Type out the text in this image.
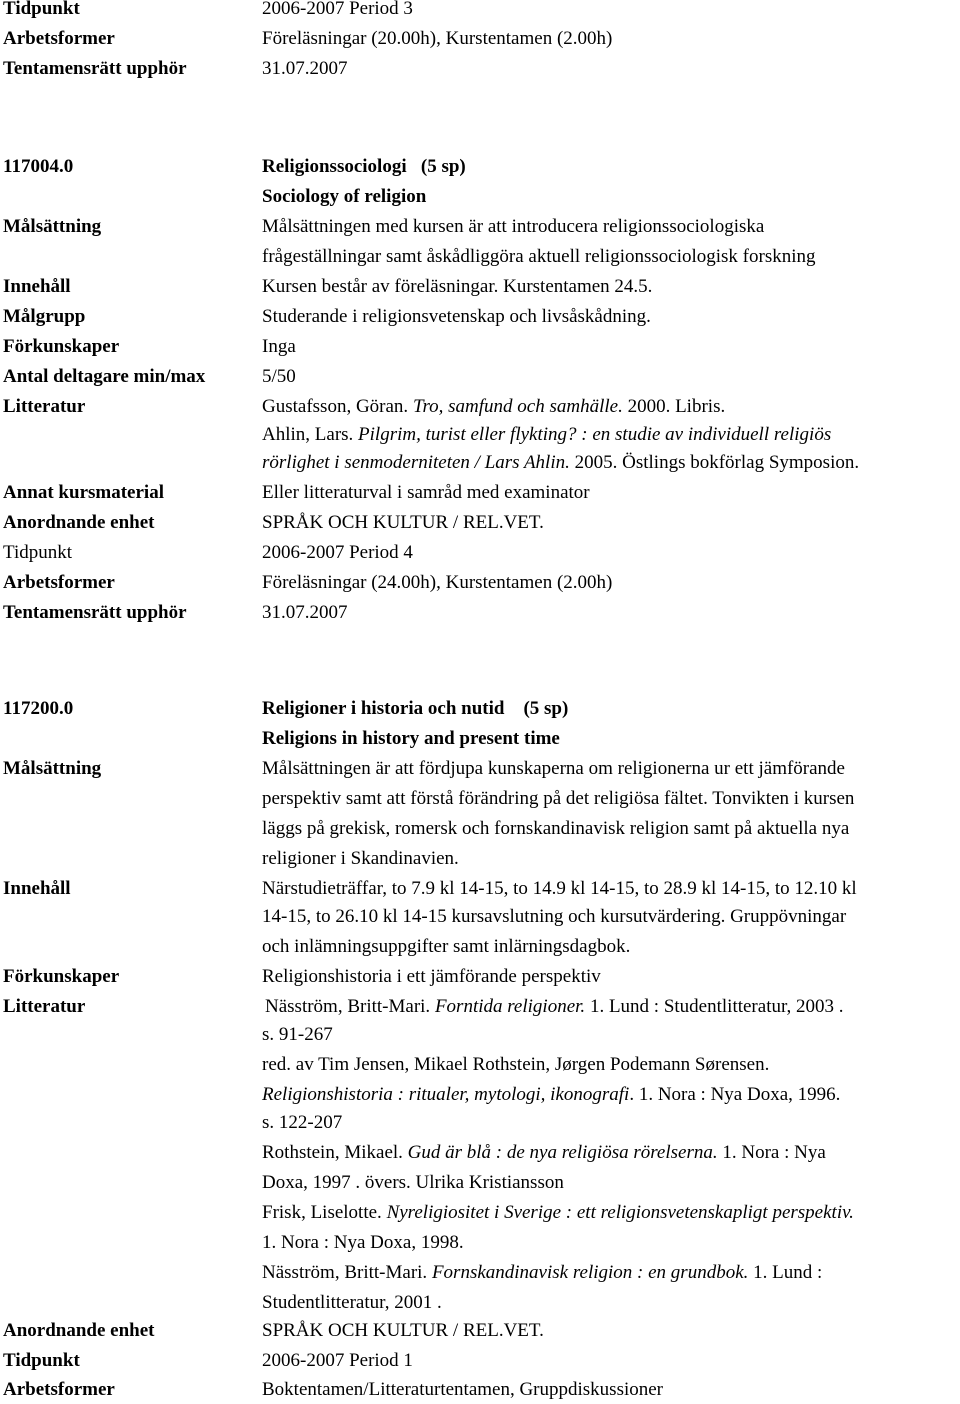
Tidpunkt	2006-2007 Period 3
Arbetsformer	Föreläsningar (20.00h), Kurstentamen (2.00h)
Tentamensrätt upphör	31.07.2007
117004.0	Religionssociologi (5 sp)
Sociology of religion
Målsättning	Målsättningen med kursen är att introducera religionssociologiska
frågeställningar samt åskådliggöra aktuell religionssociologisk forskning
Innehåll	Kursen består av föreläsningar. Kurstentamen 24.5.
Målgrupp	Studerande i religionsvetenskap och livsåskådning.
Förkunskaper	Inga
Antal deltagare min/max	5/50
Litteratur	Gustafsson, Göran. Tro, samfund och samhälle. 2000. Libris.
Ahlin, Lars. Pilgrim, turist eller flykting? : en studie av individuell religiös
rörlighet i senmoderniteten / Lars Ahlin. 2005. Östlings bokförlag Symposion.
Annat kursmaterial	Eller litteraturval i samråd med examinator
Anordnande enhet	SPRÅK OCH KULTUR / REL.VET.
Tidpunkt	2006-2007 Period 4
Arbetsformer	Föreläsningar (24.00h), Kurstentamen (2.00h)
Tentamensrätt upphör	31.07.2007
117200.0	Religioner i historia och nutid (5 sp)
Religions in history and present time
Målsättning	Målsättningen är att fördjupa kunskaperna om religionerna ur ett jämförande
perspektiv samt att förstå förändring på det religiösa fältet. Tonvikten i kursen
läggs på grekisk, romersk och fornskandinavisk religion samt på aktuella nya
religioner i Skandinavien.
Innehåll	Närstudieträffar, to 7.9 kl 14-15, to 14.9 kl 14-15, to 28.9 kl 14-15, to 12.10 kl
14-15, to 26.10 kl 14-15 kursavslutning och kursutvärdering. Gruppövningar
och inlämningsuppgifter samt inlärningsdagbok.
Förkunskaper	Religionshistoria i ett jämförande perspektiv
Litteratur	Näsström, Britt-Mari. Forntida religioner. 1. Lund : Studentlitteratur, 2003 .
s. 91-267
red. av Tim Jensen, Mikael Rothstein, Jørgen Podemann Sørensen.
Religionshistoria : ritualer, mytologi, ikonografi. 1. Nora : Nya Doxa, 1996.
s. 122-207
Rothstein, Mikael. Gud är blå : de nya religiösa rörelserna. 1. Nora : Nya
Doxa, 1997 . övers. Ulrika Kristiansson
Frisk, Liselotte. Nyreligiositet i Sverige : ett religionsvetenskapligt perspektiv.
1. Nora : Nya Doxa, 1998.
Näsström, Britt-Mari. Fornskandinavisk religion : en grundbok. 1. Lund :
Studentlitteratur, 2001 .
Anordnande enhet	SPRÅK OCH KULTUR / REL.VET.
Tidpunkt	2006-2007 Period 1
Arbetsformer	Boktentamen/Litteraturtentamen, Gruppdiskussioner
